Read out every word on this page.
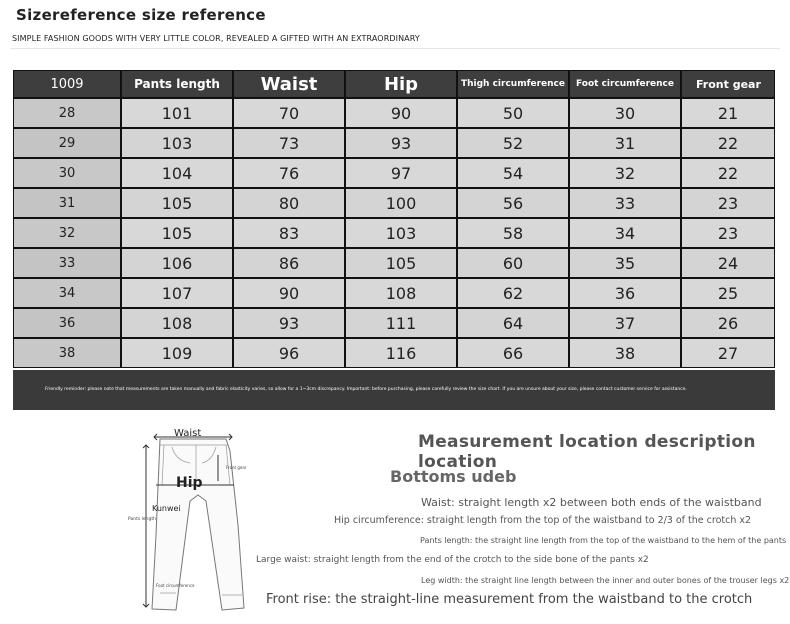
Sizereference size reference
SIMPLE FASHION GOODS WITH VERY LITTLE COLOR, REVEALED A GIFTED WITH AN EXTRAORDINARY
1009	Pants length	Waist	Hip	Thigh circumference	Foot circumference	Front gear
28	101	70	90	50	30	21
29	103	73	93	52	31	22
30	104	76	97	54	32	22
31	105	80	100	56	33	23
32	105	83	103	58	34	23
33	106	86	105	60	35	24
34	107	90	108	62	36	25
36	108	93	111	64	37	26
38	109	96	116	66	38	27
Friendly reminder: please note that measurements are taken manually and fabric elasticity varies, so allow for a 1~3cm discrepancy. Important: before purchasing, please carefully review the size chart. If you are unsure about your size, please contact customer service for assistance.
Waist
Hip
Kunwei
Front gear
Pants length
Foot circumference
Measurement location description location
Bottoms udeb
Waist: straight length x2 between both ends of the waistband
Hip circumference: straight length from the top of the waistband to 2/3 of the crotch x2
Pants length: the straight line length from the top of the waistband to the hem of the pants
Large waist: straight length from the end of the crotch to the side bone of the pants x2
Leg width: the straight line length between the inner and outer bones of the trouser legs x2
Front rise: the straight-line measurement from the waistband to the crotch
